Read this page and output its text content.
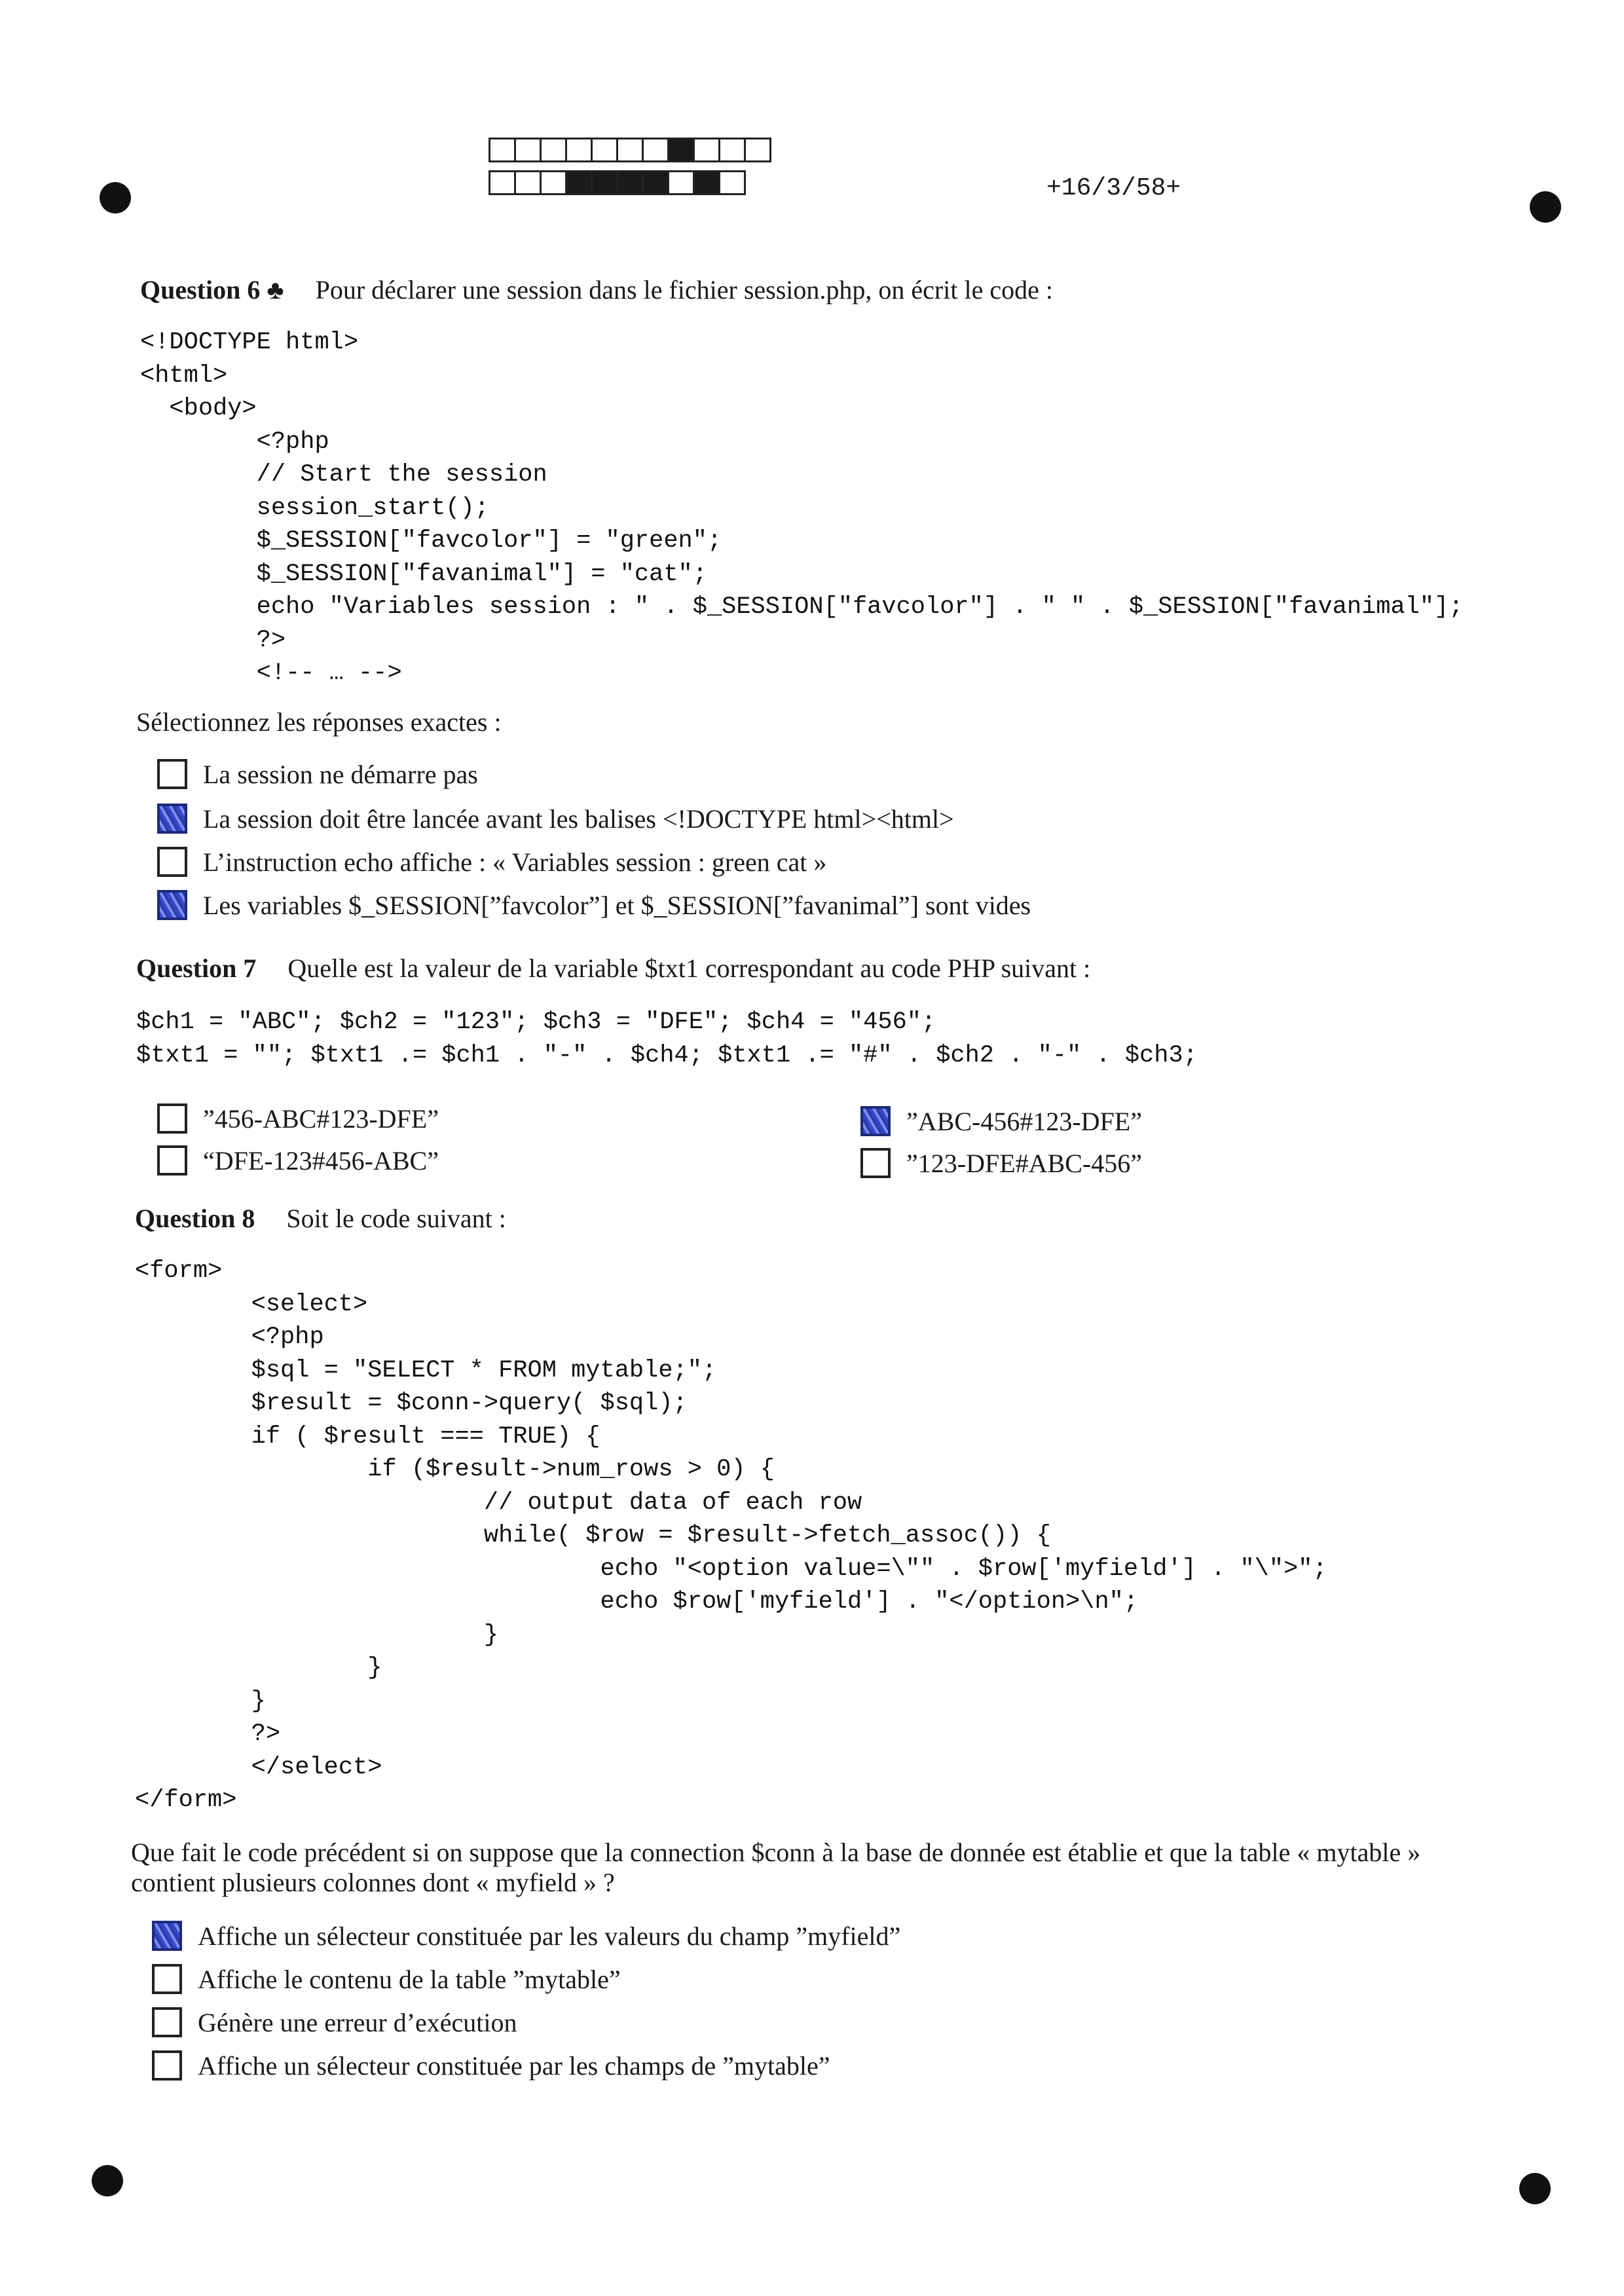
+16/3/58+
Question 6 ♣ Pour déclarer une session dans le fichier session.php, on écrit le code :
<!DOCTYPE html>
<html>
<body>
<?php
// Start the session
session_start();
$_SESSION["favcolor"] = "green";
$_SESSION["favanimal"] = "cat";
echo "Variables session : " . $_SESSION["favcolor"] . " " . $_SESSION["favanimal"];
?>
<!-- … -->
Sélectionnez les réponses exactes :
La session ne démarre pas
La session doit être lancée avant les balises <!DOCTYPE html><html>
L’instruction echo affiche : « Variables session : green cat »
Les variables $_SESSION[”favcolor”] et $_SESSION[”favanimal”] sont vides
Question 7 Quelle est la valeur de la variable $txt1 correspondant au code PHP suivant :
$ch1 = "ABC"; $ch2 = "123"; $ch3 = "DFE"; $ch4 = "456";
$txt1 = ""; $txt1 .= $ch1 . "-" . $ch4; $txt1 .= "#" . $ch2 . "-" . $ch3;
”456-ABC#123-DFE”	”ABC-456#123-DFE”
“DFE-123#456-ABC”	”123-DFE#ABC-456”
Question 8 Soit le code suivant :
<form>
<select>
<?php
$sql = "SELECT * FROM mytable;";
$result = $conn->query( $sql);
if ( $result === TRUE) {
if ($result->num_rows > 0) {
// output data of each row
while( $row = $result->fetch_assoc()) {
echo "<option value=\"" . $row['myfield'] . "\">";
echo $row['myfield'] . "</option>\n";
}
}
}
?>
</select>
</form>
Que fait le code précédent si on suppose que la connection $conn à la base de donnée est établie et que la table « mytable »
contient plusieurs colonnes dont « myfield » ?
Affiche un sélecteur constituée par les valeurs du champ ”myfield”
Affiche le contenu de la table ”mytable”
Génère une erreur d’exécution
Affiche un sélecteur constituée par les champs de ”mytable”
